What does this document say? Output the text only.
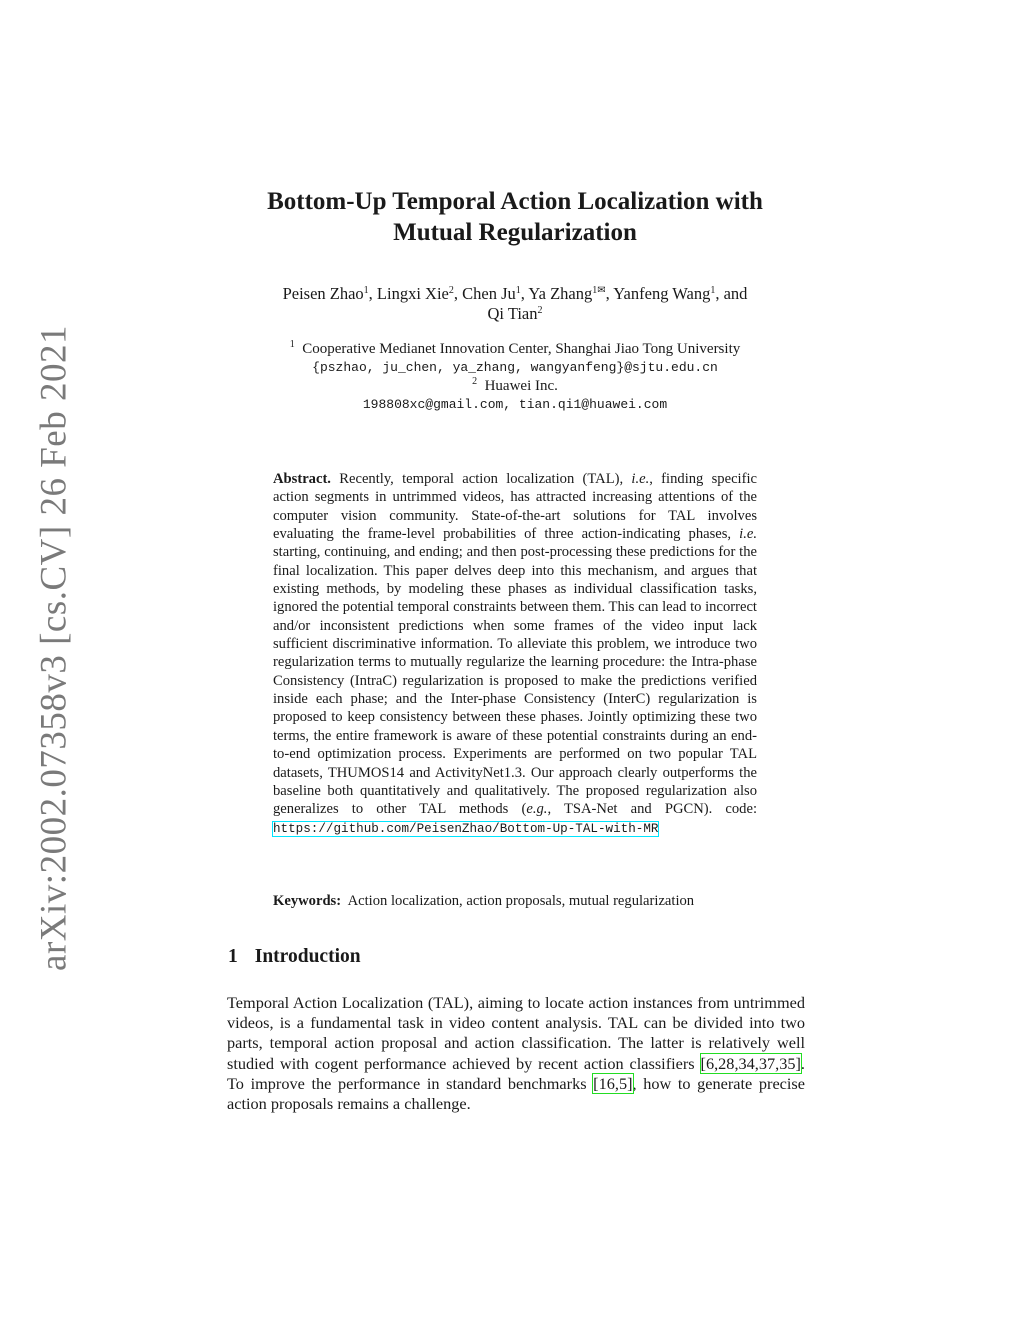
arXiv:2002.07358v3 [cs.CV] 26 Feb 2021
Bottom-Up Temporal Action Localization with
Mutual Regularization
Peisen Zhao$^1$, Lingxi Xie$^2$, Chen Ju$^1$, Ya Zhang$^{1✉}$, Yanfeng Wang$^1$, and
Qi Tian$^2$
$^1$ Cooperative Medianet Innovation Center, Shanghai Jiao Tong University
{pszhao, ju_chen, ya_zhang, wangyanfeng}@sjtu.edu.cn
$^2$ Huawei Inc.
198808xc@gmail.com, tian.qi1@huawei.com
Abstract. Recently, temporal action localization (TAL), i.e., finding specific action segments in untrimmed videos, has attracted increasing attentions of the computer vision community. State-of-the-art solutions for TAL involves evaluating the frame-level probabilities of three action-indicating phases, i.e. starting, continuing, and ending; and then post-processing these predictions for the final localization. This paper delves deep into this mechanism, and argues that existing methods, by modeling these phases as individual classification tasks, ignored the potential temporal constraints between them. This can lead to incorrect and/or inconsistent predictions when some frames of the video input lack sufficient discriminative information. To alleviate this problem, we introduce two regularization terms to mutually regularize the learning procedure: the Intra-phase Consistency (IntraC) regularization is proposed to make the predictions verified inside each phase; and the Inter-phase Consistency (InterC) regularization is proposed to keep consistency between these phases. Jointly optimizing these two terms, the entire framework is aware of these potential constraints during an end-to-end optimization process. Experiments are performed on two popular TAL datasets, THUMOS14 and ActivityNet1.3. Our approach clearly outperforms the baseline both quantitatively and qualitatively. The proposed regularization also generalizes to other TAL methods (e.g., TSA-Net and PGCN). code: https://github.com/PeisenZhao/Bottom-Up-TAL-with-MR
Keywords: Action localization, action proposals, mutual regularization
1 Introduction
Temporal Action Localization (TAL), aiming to locate action instances from untrimmed videos, is a fundamental task in video content analysis. TAL can be divided into two parts, temporal action proposal and action classification. The latter is relatively well studied with cogent performance achieved by recent action classifiers [6,28,34,37,35]. To improve the performance in standard benchmarks [16,5], how to generate precise action proposals remains a challenge.
